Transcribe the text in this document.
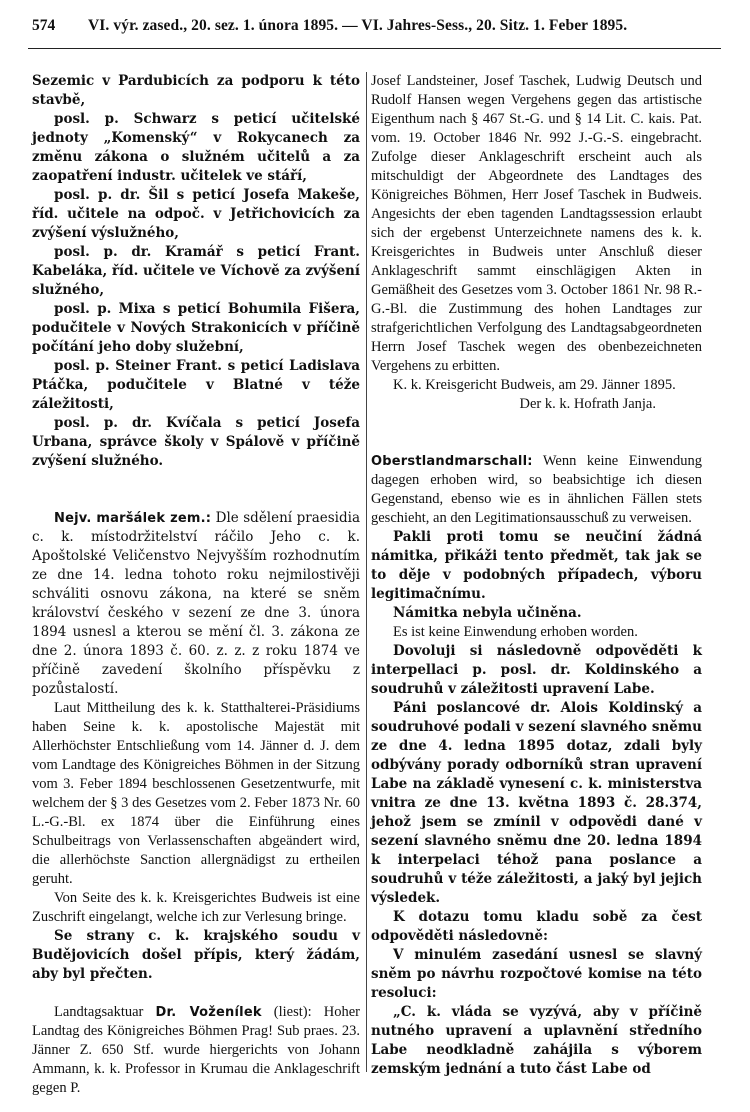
574 VI. výr. zased., 20. sez. 1. února 1895. — VI. Jahres-Sess., 20. Sitz. 1. Feber 1895.

Sezemic v Pardubicích za podporu k této stavbě,

posl. p. Schwarz s peticí učitelské jednoty „Komenský“ v Rokycanech za změnu zákona o služném učitelů a za zaopatření industr. učitelek ve stáří,

posl. p. dr. Šil s peticí Josefa Makeše, říd. učitele na odpoč. v Jetřichovicích za zvýšení výslužného,

posl. p. dr. Kramář s peticí Frant. Kabeláka, říd. učitele ve Víchově za zvýšení služného,

posl. p. Mixa s peticí Bohumila Fišera, podučitele v Nových Strakonicích v příčině počítání jeho doby služební,

posl. p. Steiner Frant. s peticí Ladislava Ptáčka, podučitele v Blatné v téže záležitosti,

posl. p. dr. Kvíčala s peticí Josefa Urbana, správce školy v Spálově v příčině zvýšení služného.

Nejv. maršálek zem.: Dle sdělení praesidia c. k. místodržitelství ráčilo Jeho c. k. Apoštolské Veličenstvo Nejvyšším rozhodnutím ze dne 14. ledna tohoto roku nejmilostivěji schváliti osnovu zákona, na které se sněm království českého v sezení ze dne 3. února 1894 usnesl a kterou se mění čl. 3. zákona ze dne 2. února 1893 č. 60. z. z. z roku 1874 ve příčině zavedení školního příspěvku z pozůstalostí.

Laut Mittheilung des k. k. Statthalterei-Präsidiums haben Seine k. k. apostolische Majestät mit Allerhöchster Entschließung vom 14. Jänner d. J. dem vom Landtage des Königreiches Böhmen in der Sitzung vom 3. Feber 1894 beschlossenen Gesetzentwurfe, mit welchem der § 3 des Gesetzes vom 2. Feber 1873 Nr. 60 L.-G.-Bl. ex 1874 über die Einführung eines Schulbeitrags von Verlassenschaften abgeändert wird, die allerhöchste Sanction allergnädigst zu ertheilen geruht.

Von Seite des k. k. Kreisgerichtes Budweis ist eine Zuschrift eingelangt, welche ich zur Verlesung bringe.

Se strany c. k. krajského soudu v Budějovicích došel přípis, který žádám, aby byl přečten.

Landtagsaktuar Dr. Voženílek (liest): Hoher Landtag des Königreiches Böhmen Prag! Sub praes. 23. Jänner Z. 650 Stf. wurde hiergerichts von Johann Ammann, k. k. Professor in Krumau die Anklageschrift gegen P.

Josef Landsteiner, Josef Taschek, Ludwig Deutsch und Rudolf Hansen wegen Vergehens gegen das artistische Eigenthum nach § 467 St.-G. und § 14 Lit. C. kais. Pat. vom. 19. October 1846 Nr. 992 J.-G.-S. eingebracht. Zufolge dieser Anklageschrift erscheint auch als mitschuldigt der Abgeordnete des Landtages des Königreiches Böhmen, Herr Josef Taschek in Budweis. Angesichts der eben tagenden Landtagssession erlaubt sich der ergebenst Unterzeichnete namens des k. k. Kreisgerichtes in Budweis unter Anschluß dieser Anklageschrift sammt einschlägigen Akten in Gemäßheit des Gesetzes vom 3. October 1861 Nr. 98 R.-G.-Bl. die Zustimmung des hohen Landtages zur strafgerichtlichen Verfolgung des Landtagsabgeordneten Herrn Josef Taschek wegen des obenbezeichneten Vergehens zu erbitten.

K. k. Kreisgericht Budweis, am 29. Jänner 1895.

Der k. k. Hofrath Janja.

Oberstlandmarschall: Wenn keine Einwendung dagegen erhoben wird, so beabsichtige ich diesen Gegenstand, ebenso wie es in ähnlichen Fällen stets geschieht, an den Legitimationsausschuß zu verweisen.

Pakli proti tomu se neučiní žádná námitka, přikáži tento předmět, tak jak se to děje v podobných případech, výboru legitimačnímu.

Námitka nebyla učiněna.

Es ist keine Einwendung erhoben worden.

Dovoluji si následovně odpověděti k interpellaci p. posl. dr. Koldinského a soudruhů v záležitosti upravení Labe.

Páni poslancové dr. Alois Koldinský a soudruhové podali v sezení slavného sněmu ze dne 4. ledna 1895 dotaz, zdali byly odbývány porady odborníků stran upravení Labe na základě vynesení c. k. ministerstva vnitra ze dne 13. května 1893 č. 28.374, jehož jsem se zmínil v odpovědi dané v sezení slavného sněmu dne 20. ledna 1894 k interpelaci téhož pana poslance a soudruhů v téže záležitosti, a jaký byl jejich výsledek.

K dotazu tomu kladu sobě za čest odpověděti následovně:

V minulém zasedání usnesl se slavný sněm po návrhu rozpočtové komise na této resoluci:

„C. k. vláda se vyzývá, aby v příčině nutného upravení a uplavnění středního Labe neodkladně zahájila s výborem zemským jednání a tuto část Labe od
